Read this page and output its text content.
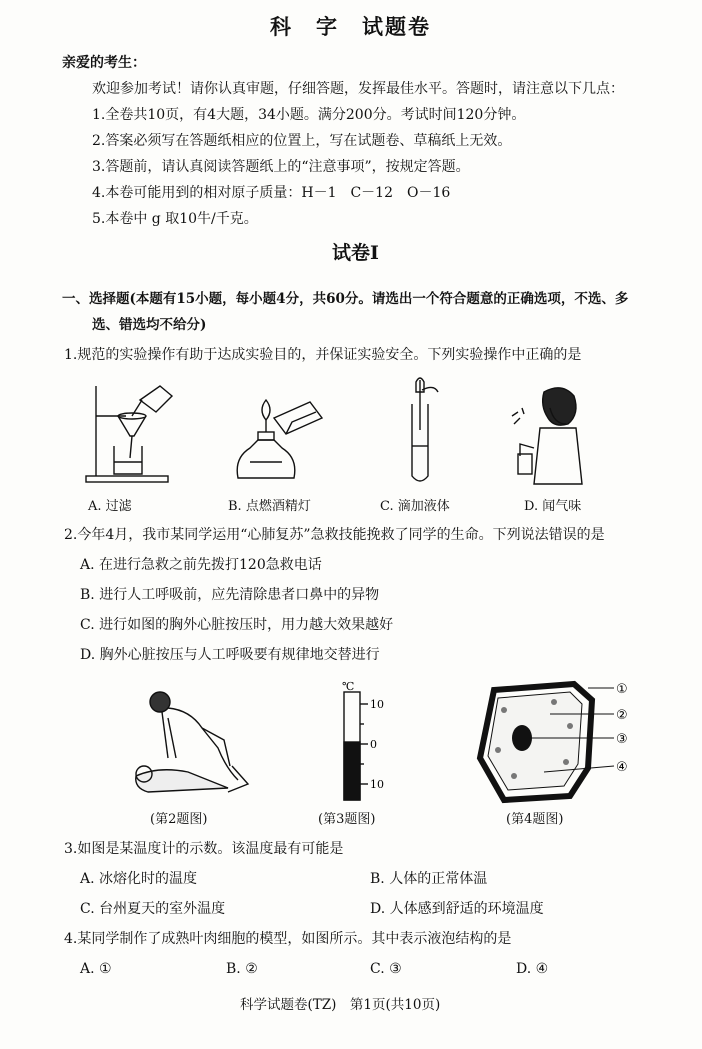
科　字　试题卷
亲爱的考生：
欢迎参加考试！请你认真审题，仔细答题，发挥最佳水平。答题时，请注意以下几点：
1.全卷共10页，有4大题，34小题。满分200分。考试时间120分钟。
2.答案必须写在答题纸相应的位置上，写在试题卷、草稿纸上无效。
3.答题前，请认真阅读答题纸上的“注意事项”，按规定答题。
4.本卷可能用到的相对原子质量：H－1　C－12　O－16
5.本卷中 g 取10牛/千克。
试卷Ⅰ
一、选择题(本题有15小题，每小题4分，共60分。请选出一个符合题意的正确选项，不选、多
选、错选均不给分)
1.规范的实验操作有助于达成实验目的，并保证实验安全。下列实验操作中正确的是
A. 过滤	B. 点燃酒精灯	C. 滴加液体	D. 闻气味
2.今年4月，我市某同学运用“心肺复苏”急救技能挽救了同学的生命。下列说法错误的是
A. 在进行急救之前先拨打120急救电话
B. 进行人工呼吸前，应先清除患者口鼻中的异物
C. 进行如图的胸外心脏按压时，用力越大效果越好
D. 胸外心脏按压与人工呼吸要有规律地交替进行
(第2题图)
℃
10
0
10
(第3题图)
①
②
③
④
(第4题图)
3.如图是某温度计的示数。该温度最有可能是
A. 冰熔化时的温度	B. 人体的正常体温
C. 台州夏天的室外温度	D. 人体感到舒适的环境温度
4.某同学制作了成熟叶肉细胞的模型，如图所示。其中表示液泡结构的是
A. ①	B. ②	C. ③	D. ④
科学试题卷(TZ)　第1页(共10页)
